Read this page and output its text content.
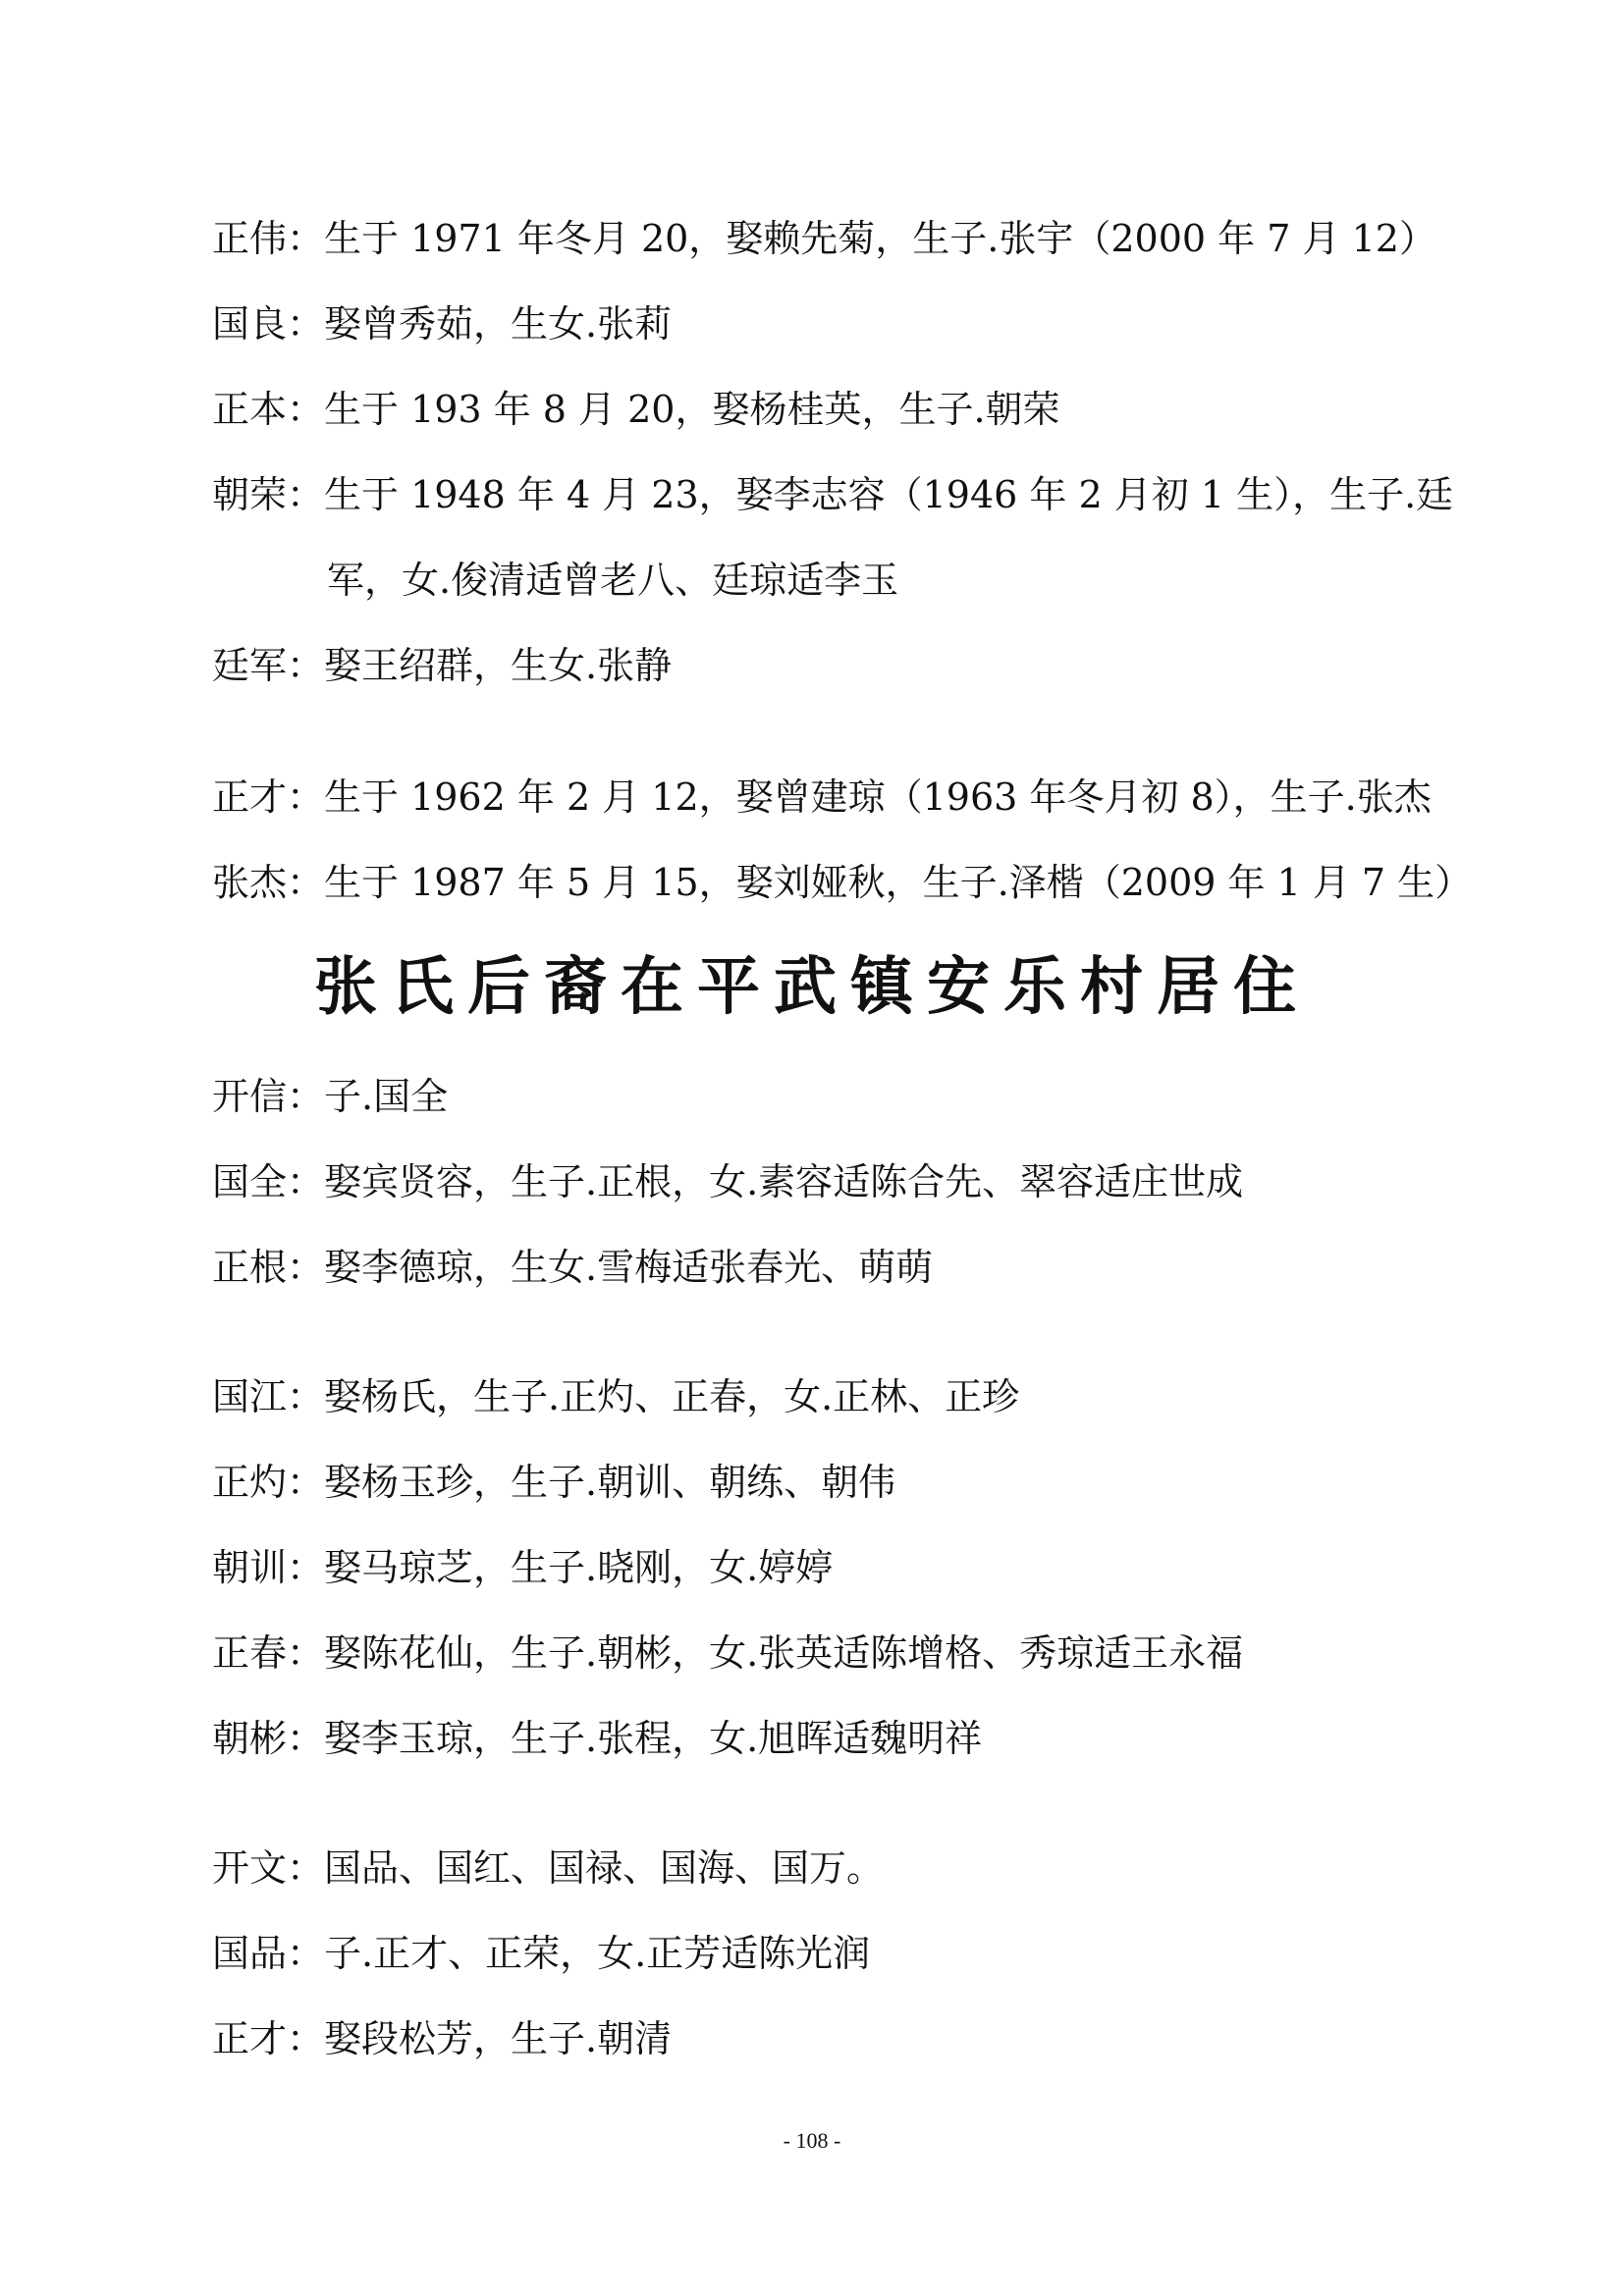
正伟：生于 1971 年冬月 20，娶赖先菊，生子.张宇（2000 年 7 月 12）
国良：娶曾秀茹，生女.张莉
正本：生于 193 年 8 月 20，娶杨桂英，生子.朝荣
朝荣：生于 1948 年 4 月 23，娶李志容（1946 年 2 月初 1 生），生子.廷
军，女.俊清适曾老八、廷琼适李玉
廷军：娶王绍群，生女.张静
正才：生于 1962 年 2 月 12，娶曾建琼（1963 年冬月初 8），生子.张杰
张杰：生于 1987 年 5 月 15，娶刘娅秋，生子.泽楷（2009 年 1 月 7 生）
张氏后裔在平武镇安乐村居住
开信：子.国全
国全：娶宾贤容，生子.正根，女.素容适陈合先、翠容适庄世成
正根：娶李德琼，生女.雪梅适张春光、萌萌
国江：娶杨氏，生子.正灼、正春，女.正林、正珍
正灼：娶杨玉珍，生子.朝训、朝练、朝伟
朝训：娶马琼芝，生子.晓刚，女.婷婷
正春：娶陈花仙，生子.朝彬，女.张英适陈增格、秀琼适王永福
朝彬：娶李玉琼，生子.张程，女.旭晖适魏明祥
开文：国品、国红、国禄、国海、国万。
国品：子.正才、正荣，女.正芳适陈光润
正才：娶段松芳，生子.朝清
- 108 -
